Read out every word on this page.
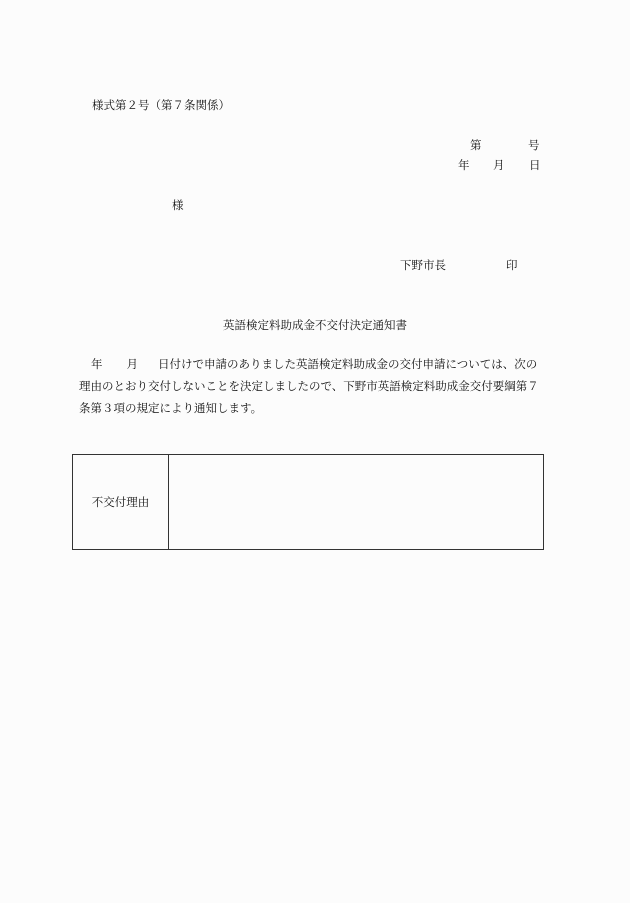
様式第２号（第７条関係）
第	号
年 月 日
様
下野市長	印
英語検定料助成金不交付決定通知書
年 月 日付けで申請のありました英語検定料助成金の交付申請については、次の
理由のとおり交付しないことを決定しましたので、下野市英語検定料助成金交付要綱第７
条第３項の規定により通知します。
不交付理由
